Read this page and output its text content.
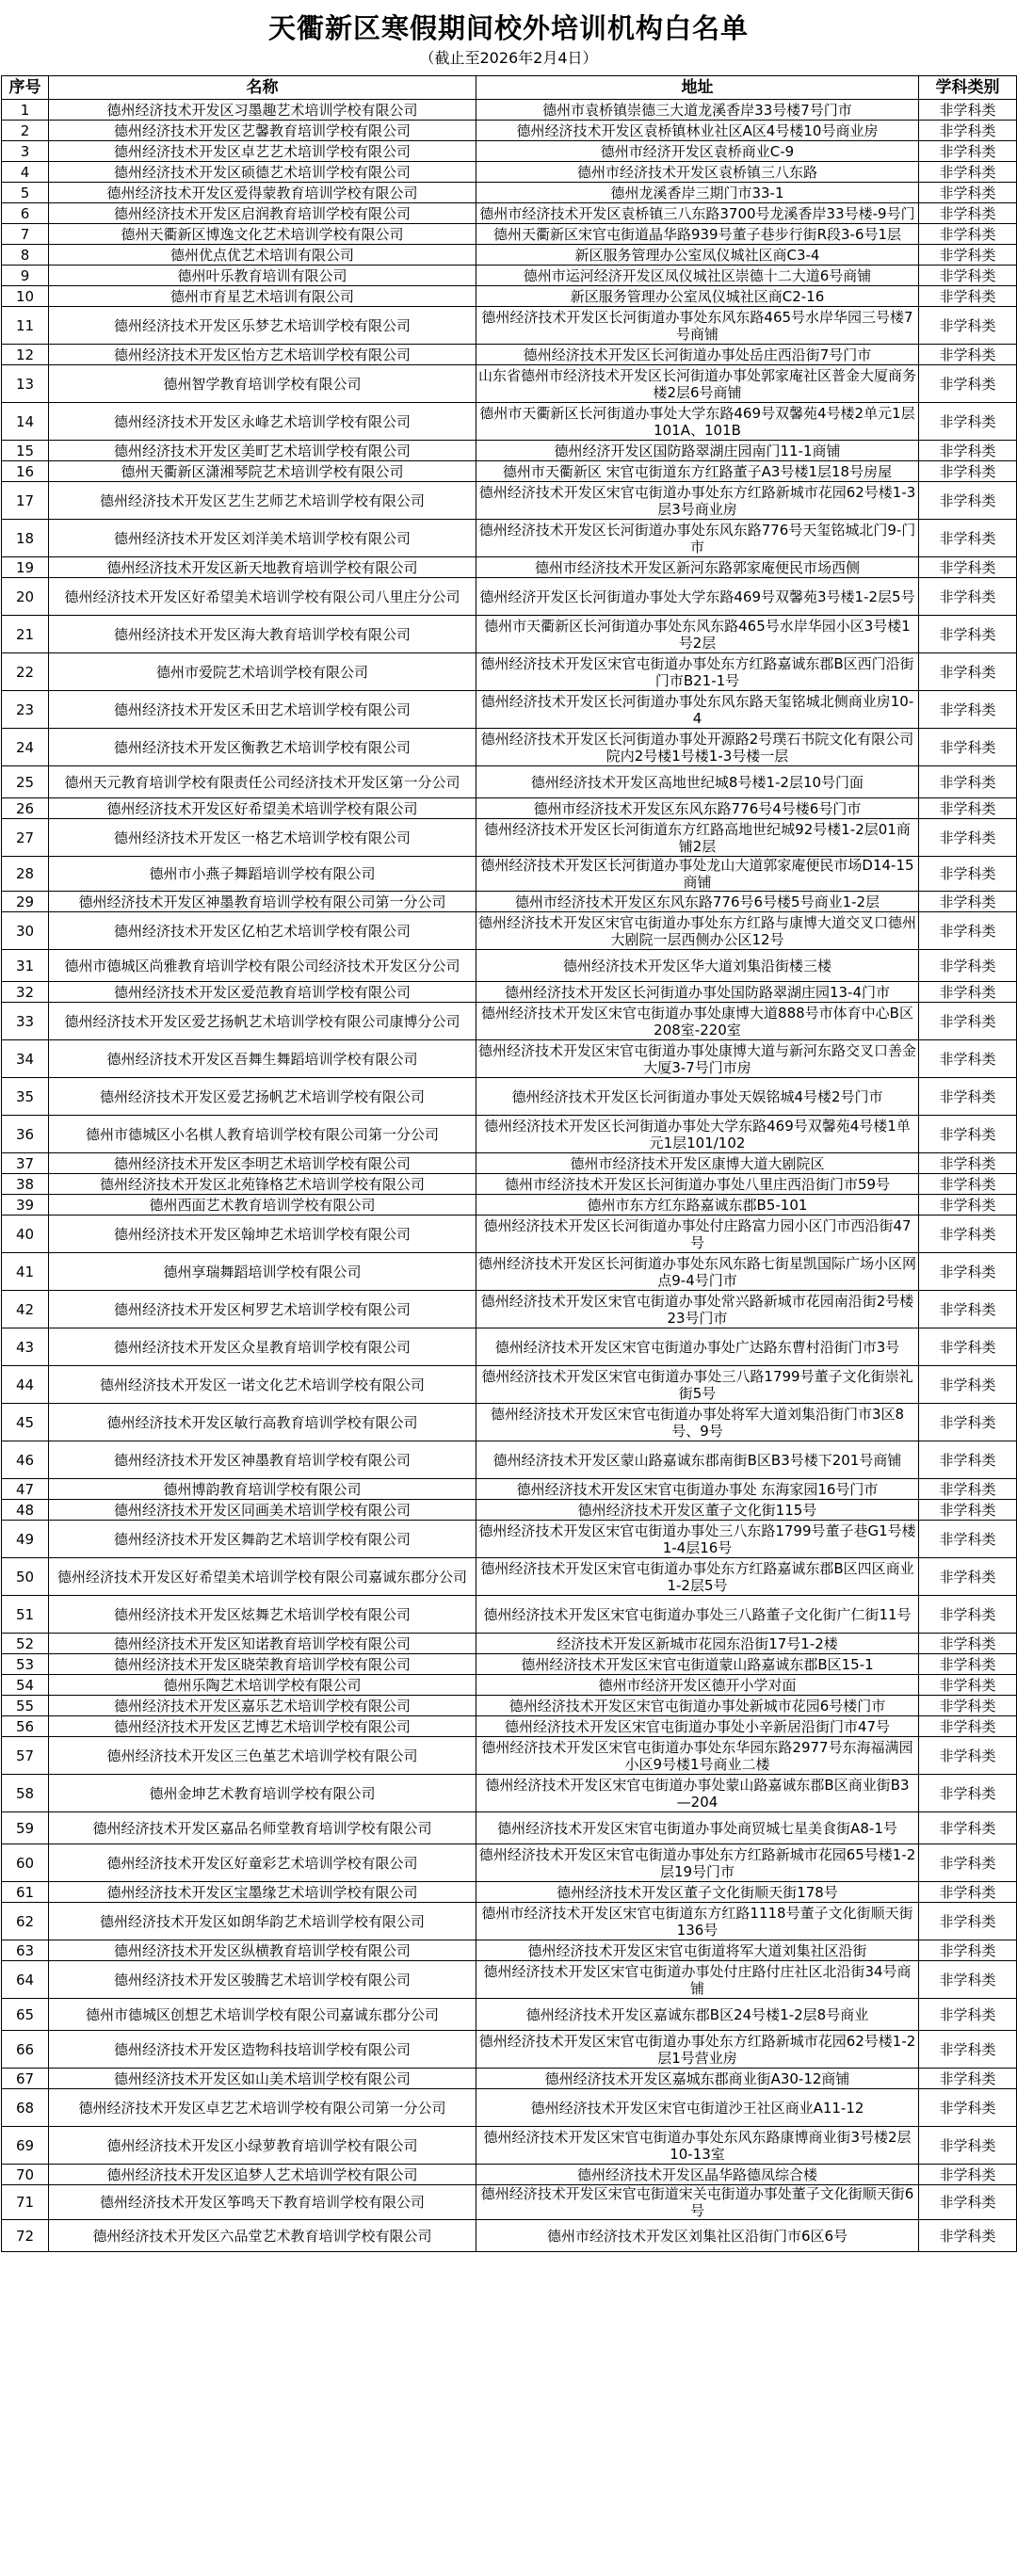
天衢新区寒假期间校外培训机构白名单
（截止至2026年2月4日）
序号	名称	地址	学科类别
1	德州经济技术开发区习墨趣艺术培训学校有限公司	德州市袁桥镇崇德三大道龙溪香岸33号楼7号门市	非学科类
2	德州经济技术开发区艺馨教育培训学校有限公司	德州经济技术开发区袁桥镇林业社区A区4号楼10号商业房	非学科类
3	德州经济技术开发区卓艺艺术培训学校有限公司	德州市经济开发区袁桥商业C-9	非学科类
4	德州经济技术开发区硕德艺术培训学校有限公司	德州市经济技术开发区袁桥镇三八东路	非学科类
5	德州经济技术开发区爱得蒙教育培训学校有限公司	德州龙溪香岸三期门市33-1	非学科类
6	德州经济技术开发区启润教育培训学校有限公司	德州市经济技术开发区袁桥镇三八东路3700号龙溪香岸33号楼-9号门	非学科类
7	德州天衢新区博逸文化艺术培训学校有限公司	德州天衢新区宋官屯街道晶华路939号董子巷步行街R段3-6号1层	非学科类
8	德州优点优艺术培训有限公司	新区服务管理办公室凤仪城社区商C3-4	非学科类
9	德州叶乐教育培训有限公司	德州市运河经济开发区凤仪城社区崇德十二大道6号商铺	非学科类
10	德州市育星艺术培训有限公司	新区服务管理办公室凤仪城社区商C2-16	非学科类
11	德州经济技术开发区乐梦艺术培训学校有限公司	德州经济技术开发区长河街道办事处东风东路465号水岸华园三号楼7号商铺	非学科类
12	德州经济技术开发区怡方艺术培训学校有限公司	德州经济技术开发区长河街道办事处岳庄西沿街7号门市	非学科类
13	德州智学教育培训学校有限公司	山东省德州市经济技术开发区长河街道办事处郭家庵社区普金大厦商务楼2层6号商铺	非学科类
14	德州经济技术开发区永峰艺术培训学校有限公司	德州市天衢新区长河街道办事处大学东路469号双馨苑4号楼2单元1层101A、101B	非学科类
15	德州经济技术开发区美町艺术培训学校有限公司	德州经济开发区国防路翠湖庄园南门11-1商铺	非学科类
16	德州天衢新区潇湘琴院艺术培训学校有限公司	德州市天衢新区 宋官屯街道东方红路董子A3号楼1层18号房屋	非学科类
17	德州经济技术开发区艺生艺师艺术培训学校有限公司	德州经济技术开发区宋官屯街道办事处东方红路新城市花园62号楼1-3层3号商业房	非学科类
18	德州经济技术开发区刘洋美术培训学校有限公司	德州经济技术开发区长河街道办事处东风东路776号天玺铭城北门9-门市	非学科类
19	德州经济技术开发区新天地教育培训学校有限公司	德州市经济技术开发区新河东路郭家庵便民市场西侧	非学科类
20	德州经济技术开发区好希望美术培训学校有限公司八里庄分公司	德州经济开发区长河街道办事处大学东路469号双馨苑3号楼1-2层5号	非学科类
21	德州经济技术开发区海大教育培训学校有限公司	德州市天衢新区长河街道办事处东风东路465号水岸华园小区3号楼1号2层	非学科类
22	德州市爱院艺术培训学校有限公司	德州经济技术开发区宋官屯街道办事处东方红路嘉诚东郡B区西门沿街门市B21-1号	非学科类
23	德州经济技术开发区禾田艺术培训学校有限公司	德州经济技术开发区长河街道办事处东风东路天玺铭城北侧商业房10-4	非学科类
24	德州经济技术开发区衡教艺术培训学校有限公司	德州经济技术开发区长河街道办事处开源路2号璞石书院文化有限公司院内2号楼1号楼1-3号楼一层	非学科类
25	德州天元教育培训学校有限责任公司经济技术开发区第一分公司	德州经济技术开发区高地世纪城8号楼1-2层10号门面	非学科类
26	德州经济技术开发区好希望美术培训学校有限公司	德州市经济技术开发区东风东路776号4号楼6号门市	非学科类
27	德州经济技术开发区一格艺术培训学校有限公司	德州经济技术开发区长河街道东方红路高地世纪城92号楼1-2层01商铺2层	非学科类
28	德州市小燕子舞蹈培训学校有限公司	德州经济技术开发区长河街道办事处龙山大道郭家庵便民市场D14-15商铺	非学科类
29	德州经济技术开发区神墨教育培训学校有限公司第一分公司	德州市经济技术开发区东风东路776号6号楼5号商业1-2层	非学科类
30	德州经济技术开发区亿柏艺术培训学校有限公司	德州经济技术开发区宋官屯街道办事处东方红路与康博大道交叉口德州大剧院一层西侧办公区12号	非学科类
31	德州市德城区尚雅教育培训学校有限公司经济技术开发区分公司	德州经济技术开发区华大道刘集沿街楼三楼	非学科类
32	德州经济技术开发区爱范教育培训学校有限公司	德州经济技术开发区长河街道办事处国防路翠湖庄园13-4门市	非学科类
33	德州经济技术开发区爱艺扬帆艺术培训学校有限公司康博分公司	德州经济技术开发区宋官屯街道办事处康博大道888号市体育中心B区208室-220室	非学科类
34	德州经济技术开发区吾舞生舞蹈培训学校有限公司	德州经济技术开发区宋官屯街道办事处康博大道与新河东路交叉口善金大厦3-7号门市房	非学科类
35	德州经济技术开发区爱艺扬帆艺术培训学校有限公司	德州经济技术开发区长河街道办事处天娱铭城4号楼2号门市	非学科类
36	德州市德城区小名棋人教育培训学校有限公司第一分公司	德州经济技术开发区长河街道办事处大学东路469号双馨苑4号楼1单元1层101/102	非学科类
37	德州经济技术开发区李明艺术培训学校有限公司	德州市经济技术开发区康博大道大剧院区	非学科类
38	德州经济技术开发区北苑锋格艺术培训学校有限公司	德州市经济技术开发区长河街道办事处八里庄西沿街门市59号	非学科类
39	德州西面艺术教育培训学校有限公司	德州市东方红东路嘉诚东郡B5-101	非学科类
40	德州经济技术开发区翰坤艺术培训学校有限公司	德州经济技术开发区长河街道办事处付庄路富力园小区门市西沿街47号	非学科类
41	德州享瑞舞蹈培训学校有限公司	德州经济技术开发区长河街道办事处东风东路七街星凯国际广场小区网点9-4号门市	非学科类
42	德州经济技术开发区柯罗艺术培训学校有限公司	德州经济技术开发区宋官屯街道办事处常兴路新城市花园南沿街2号楼23号门市	非学科类
43	德州经济技术开发区众星教育培训学校有限公司	德州经济技术开发区宋官屯街道办事处广达路东曹村沿街门市3号	非学科类
44	德州经济技术开发区一诺文化艺术培训学校有限公司	德州经济技术开发区宋官屯街道办事处三八路1799号董子文化街崇礼街5号	非学科类
45	德州经济技术开发区敏行高教育培训学校有限公司	德州经济技术开发区宋官屯街道办事处将军大道刘集沿街门市3区8号、9号	非学科类
46	德州经济技术开发区神墨教育培训学校有限公司	德州经济技术开发区蒙山路嘉诚东郡南街B区B3号楼下201号商铺	非学科类
47	德州博韵教育培训学校有限公司	德州经济技术开发区宋官屯街道办事处 东海家园16号门市	非学科类
48	德州经济技术开发区同画美术培训学校有限公司	德州经济技术开发区董子文化街115号	非学科类
49	德州经济技术开发区舞韵艺术培训学校有限公司	德州经济技术开发区宋官屯街道办事处三八东路1799号董子巷G1号楼1-4层16号	非学科类
50	德州经济技术开发区好希望美术培训学校有限公司嘉诚东郡分公司	德州经济技术开发区宋官屯街道办事处东方红路嘉诚东郡B区四区商业1-2层5号	非学科类
51	德州经济技术开发区炫舞艺术培训学校有限公司	德州经济技术开发区宋官屯街道办事处三八路董子文化街广仁街11号	非学科类
52	德州经济技术开发区知诺教育培训学校有限公司	经济技术开发区新城市花园东沿街17号1-2楼	非学科类
53	德州经济技术开发区晓荣教育培训学校有限公司	德州经济技术开发区宋官屯街道蒙山路嘉诚东郡B区15-1	非学科类
54	德州乐陶艺术培训学校有限公司	德州市经济开发区德开小学对面	非学科类
55	德州经济技术开发区嘉乐艺术培训学校有限公司	德州经济技术开发区宋官屯街道办事处新城市花园6号楼门市	非学科类
56	德州经济技术开发区艺博艺术培训学校有限公司	德州经济技术开发区宋官屯街道办事处小辛新居沿街门市47号	非学科类
57	德州经济技术开发区三色堇艺术培训学校有限公司	德州经济技术开发区宋官屯街道办事处东华园东路2977号东海福满园小区9号楼1号商业二楼	非学科类
58	德州金坤艺术教育培训学校有限公司	德州经济技术开发区宋官屯街道办事处蒙山路嘉诚东郡B区商业街B3—204	非学科类
59	德州经济技术开发区嘉品名师堂教育培训学校有限公司	德州经济技术开发区宋官屯街道办事处商贸城七星美食街A8-1号	非学科类
60	德州经济技术开发区好童彩艺术培训学校有限公司	德州经济技术开发区宋官屯街道办事处东方红路新城市花园65号楼1-2层19号门市	非学科类
61	德州经济技术开发区宝墨缘艺术培训学校有限公司	德州经济技术开发区董子文化街顺天街178号	非学科类
62	德州经济技术开发区如朗华韵艺术培训学校有限公司	德州市经济技术开发区宋官屯街道东方红路1118号董子文化街顺天街136号	非学科类
63	德州经济技术开发区纵横教育培训学校有限公司	德州经济技术开发区宋官屯街道将军大道刘集社区沿街	非学科类
64	德州经济技术开发区骏腾艺术培训学校有限公司	德州经济技术开发区宋官屯街道办事处付庄路付庄社区北沿街34号商铺	非学科类
65	德州市德城区创想艺术培训学校有限公司嘉诚东郡分公司	德州经济技术开发区嘉诚东郡B区24号楼1-2层8号商业	非学科类
66	德州经济技术开发区造物科技培训学校有限公司	德州经济技术开发区宋官屯街道办事处东方红路新城市花园62号楼1-2层1号营业房	非学科类
67	德州经济技术开发区如山美术培训学校有限公司	德州经济技术开发区嘉城东郡商业街A30-12商铺	非学科类
68	德州经济技术开发区卓艺艺术培训学校有限公司第一分公司	德州经济技术开发区宋官屯街道沙王社区商业A11-12	非学科类
69	德州经济技术开发区小绿萝教育培训学校有限公司	德州经济技术开发区宋官屯街道办事处东风东路康博商业街3号楼2层10-13室	非学科类
70	德州经济技术开发区追梦人艺术培训学校有限公司	德州经济技术开发区晶华路德凤综合楼	非学科类
71	德州经济技术开发区筝鸣天下教育培训学校有限公司	德州经济技术开发区宋官屯街道宋关屯街道办事处董子文化街顺天街6号	非学科类
72	德州经济技术开发区六品堂艺术教育培训学校有限公司	德州市经济技术开发区刘集社区沿街门市6区6号	非学科类
